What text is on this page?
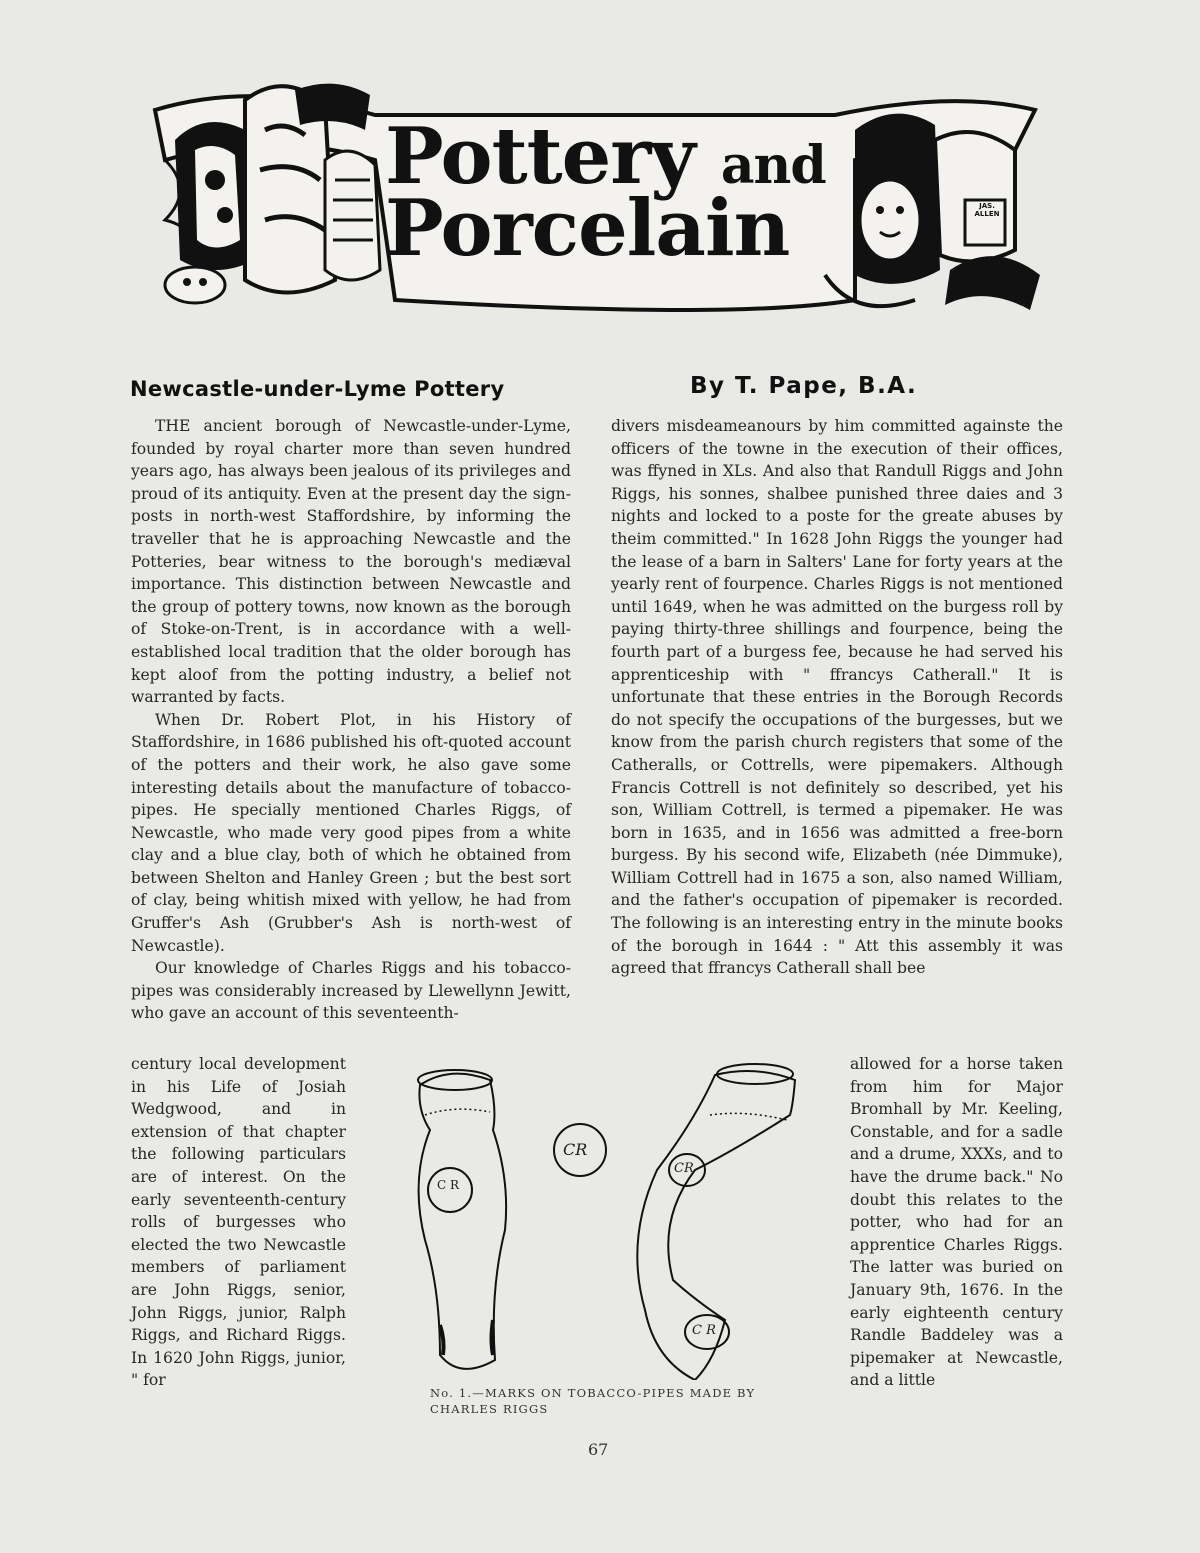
JAS. ALLEN
Pottery and
Porcelain
Newcastle-under-Lyme Pottery	By T. Pape, B.A.

THE ancient borough of Newcastle-under-Lyme, founded by royal charter more than seven hundred years ago, has always been jealous of its privileges and proud of its antiquity. Even at the present day the sign-posts in north-west Staffordshire, by informing the traveller that he is approaching Newcastle and the Potteries, bear witness to the borough's mediæval importance. This distinction between Newcastle and the group of pottery towns, now known as the borough of Stoke-on-Trent, is in accordance with a well-established local tradition that the older borough has kept aloof from the potting industry, a belief not warranted by facts.

When Dr. Robert Plot, in his History of Staffordshire, in 1686 published his oft-quoted account of the potters and their work, he also gave some interesting details about the manufacture of tobacco-pipes. He specially mentioned Charles Riggs, of Newcastle, who made very good pipes from a white clay and a blue clay, both of which he obtained from between Shelton and Hanley Green ; but the best sort of clay, being whitish mixed with yellow, he had from Gruffer's Ash (Grubber's Ash is north-west of Newcastle).

Our knowledge of Charles Riggs and his tobacco-pipes was considerably increased by Llewellynn Jewitt, who gave an account of this seventeenth-

century local development in his Life of Josiah Wedgwood, and in extension of that chapter the following particulars are of interest. On the early seventeenth-century rolls of burgesses who elected the two Newcastle members of parliament are John Riggs, senior, John Riggs, junior, Ralph Riggs, and Richard Riggs. In 1620 John Riggs, junior, " for
divers misdeameanours by him committed againste the officers of the towne in the execution of their offices, was ffyned in XLs. And also that Randull Riggs and John Riggs, his sonnes, shalbee punished three daies and 3 nights and locked to a poste for the greate abuses by theim committed." In 1628 John Riggs the younger had the lease of a barn in Salters' Lane for forty years at the yearly rent of fourpence. Charles Riggs is not mentioned until 1649, when he was admitted on the burgess roll by paying thirty-three shillings and fourpence, being the fourth part of a burgess fee, because he had served his apprenticeship with " ffrancys Catherall." It is unfortunate that these entries in the Borough Records do not specify the occupations of the burgesses, but we know from the parish church registers that some of the Catheralls, or Cottrells, were pipemakers. Although Francis Cottrell is not definitely so described, yet his son, William Cottrell, is termed a pipemaker. He was born in 1635, and in 1656 was admitted a free-born burgess. By his second wife, Elizabeth (née Dimmuke), William Cottrell had in 1675 a son, also named William, and the father's occupation of pipemaker is recorded. The following is an interesting entry in the minute books of the borough in 1644 : " Att this assembly it was agreed that ffrancys Catherall shall bee
allowed for a horse taken from him for Major Bromhall by Mr. Keeling, Constable, and for a sadle and a drume, XXXs, and to have the drume back." No doubt this relates to the potter, who had for an apprentice Charles Riggs. The latter was buried on January 9th, 1676. In the early eighteenth century Randle Baddeley was a pipemaker at Newcastle, and a little
C R
CR
CR
C R
No. 1.—MARKS ON TOBACCO-PIPES MADE BY CHARLES RIGGS
67
